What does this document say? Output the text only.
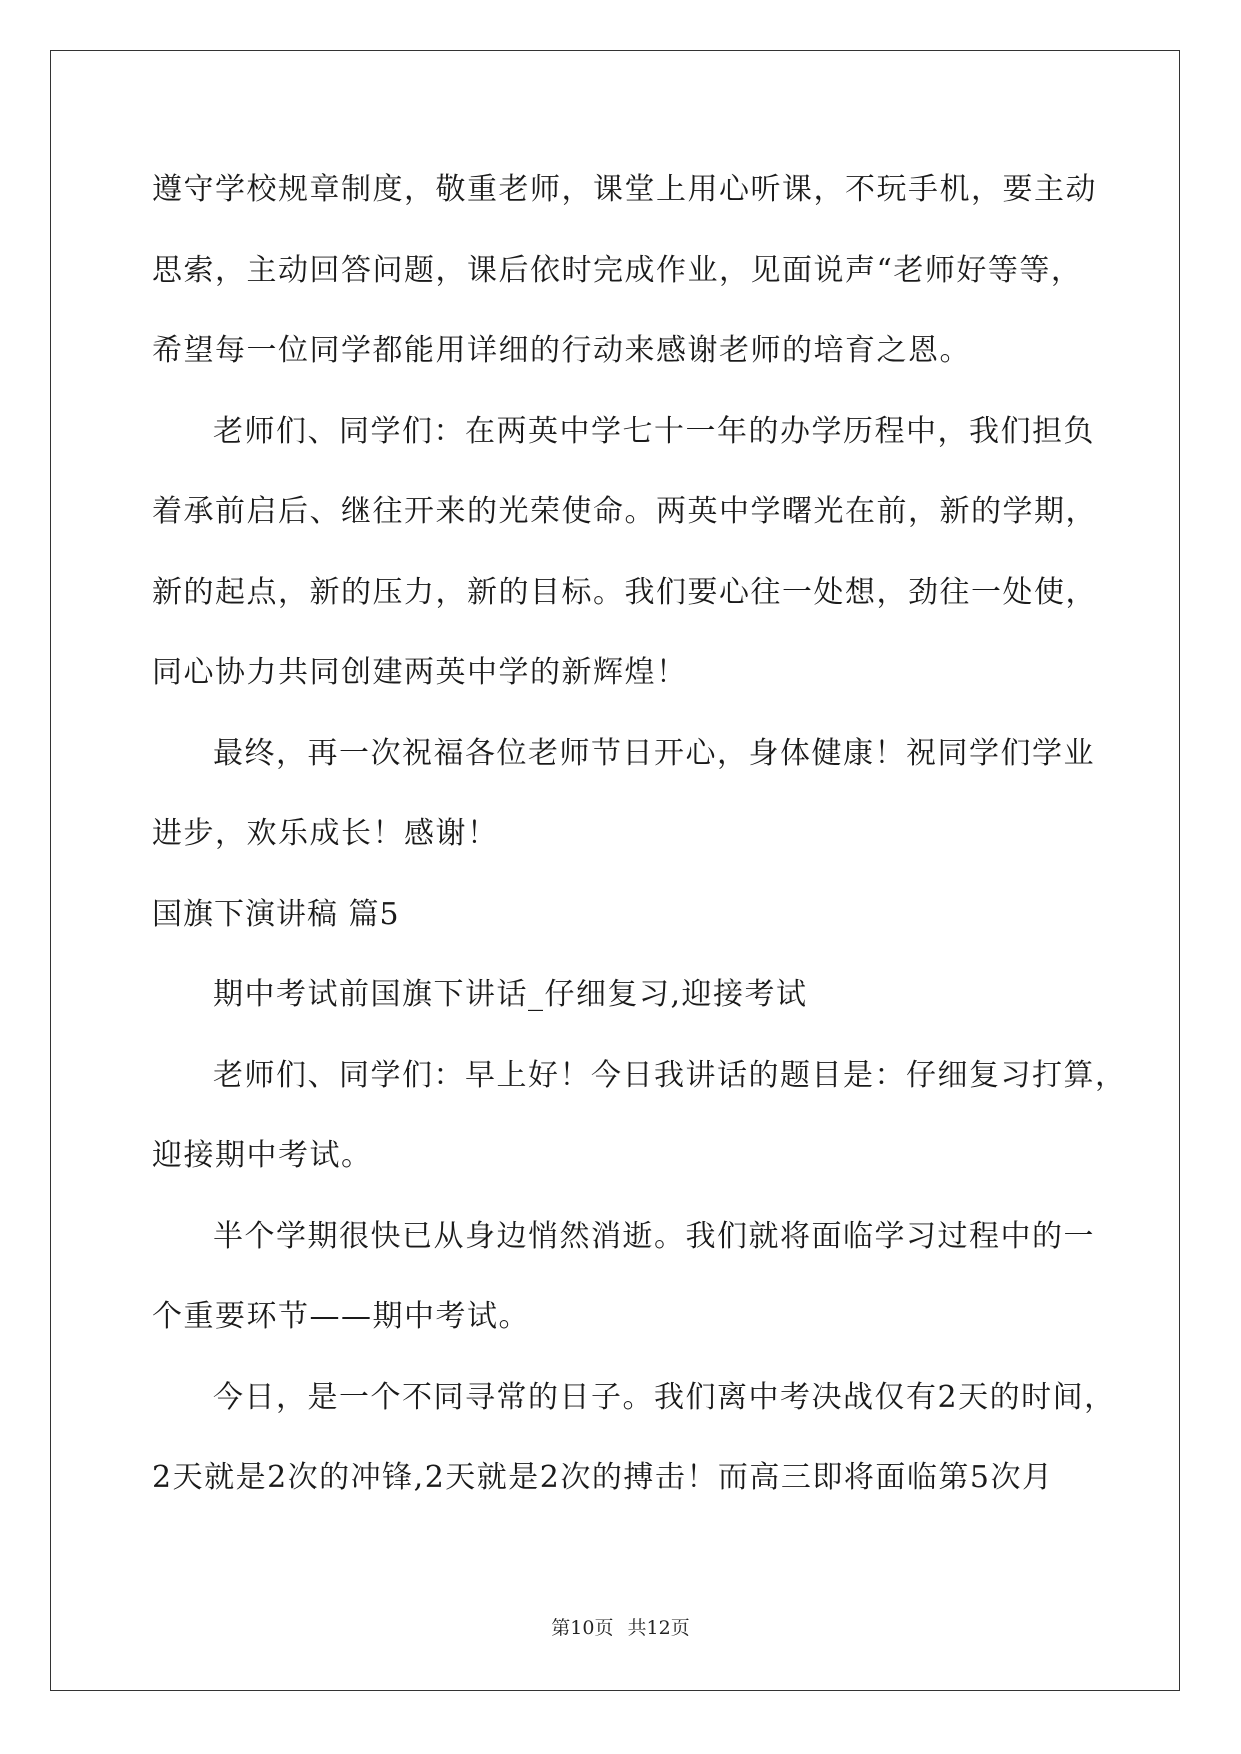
遵守学校规章制度，敬重老师，课堂上用心听课，不玩手机，要主动
思索，主动回答问题，课后依时完成作业，见面说声“老师好等等，
希望每一位同学都能用详细的行动来感谢老师的培育之恩。
老师们、同学们：在两英中学七十一年的办学历程中，我们担负
着承前启后、继往开来的光荣使命。两英中学曙光在前，新的学期，
新的起点，新的压力，新的目标。我们要心往一处想，劲往一处使，
同心协力共同创建两英中学的新辉煌！
最终，再一次祝福各位老师节日开心，身体健康！祝同学们学业
进步，欢乐成长！感谢！
国旗下演讲稿 篇5
期中考试前国旗下讲话_仔细复习,迎接考试
老师们、同学们：早上好！今日我讲话的题目是：仔细复习打算，
迎接期中考试。
半个学期很快已从身边悄然消逝。我们就将面临学习过程中的一
个重要环节——期中考试。
今日，是一个不同寻常的日子。我们离中考决战仅有2天的时间，
2天就是2次的冲锋,2天就是2次的搏击！而高三即将面临第5次月
第10页 共12页
